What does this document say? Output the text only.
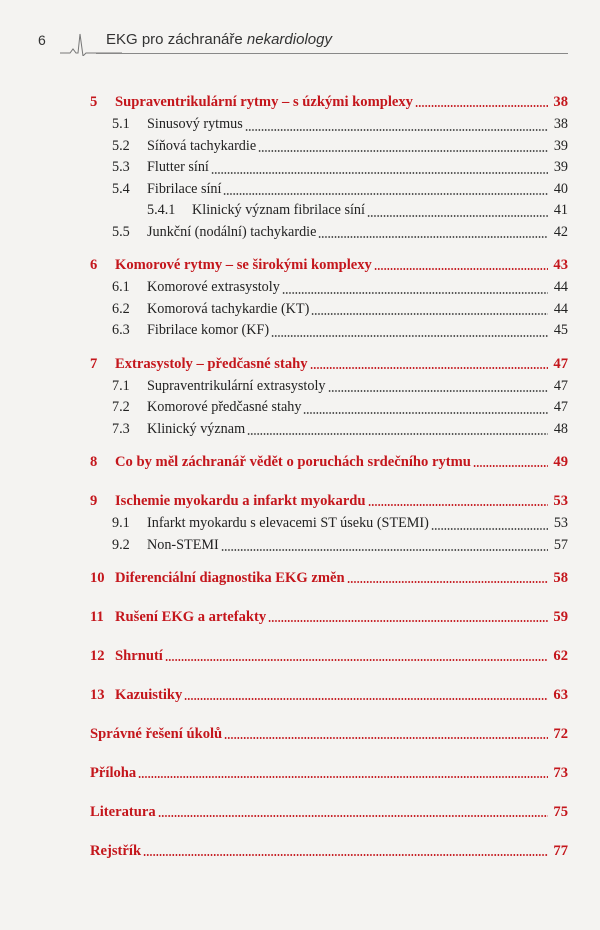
6	EKG pro záchranáře nekardiology
5	Supraventrikulární rytmy – s úzkými komplexy	38
5.1	Sinusový rytmus	38
5.2	Síňová tachykardie	39
5.3	Flutter síní	39
5.4	Fibrilace síní	40
5.4.1	Klinický význam fibrilace síní	41
5.5	Junkční (nodální) tachykardie	42
6	Komorové rytmy – se širokými komplexy	43
6.1	Komorové extrasystoly	44
6.2	Komorová tachykardie (KT)	44
6.3	Fibrilace komor (KF)	45
7	Extrasystoly – předčasné stahy	47
7.1	Supraventrikulární extrasystoly	47
7.2	Komorové předčasné stahy	47
7.3	Klinický význam	48
8	Co by měl záchranář vědět o poruchách srdečního rytmu	49
9	Ischemie myokardu a infarkt myokardu	53
9.1	Infarkt myokardu s elevacemi ST úseku (STEMI)	53
9.2	Non-STEMI	57
10 Diferenciální diagnostika EKG změn	58
11 Rušení EKG a artefakty	59
12 Shrnutí	62
13 Kazuistiky	63
Správné řešení úkolů	72
Příloha	73
Literatura	75
Rejstřík	77
